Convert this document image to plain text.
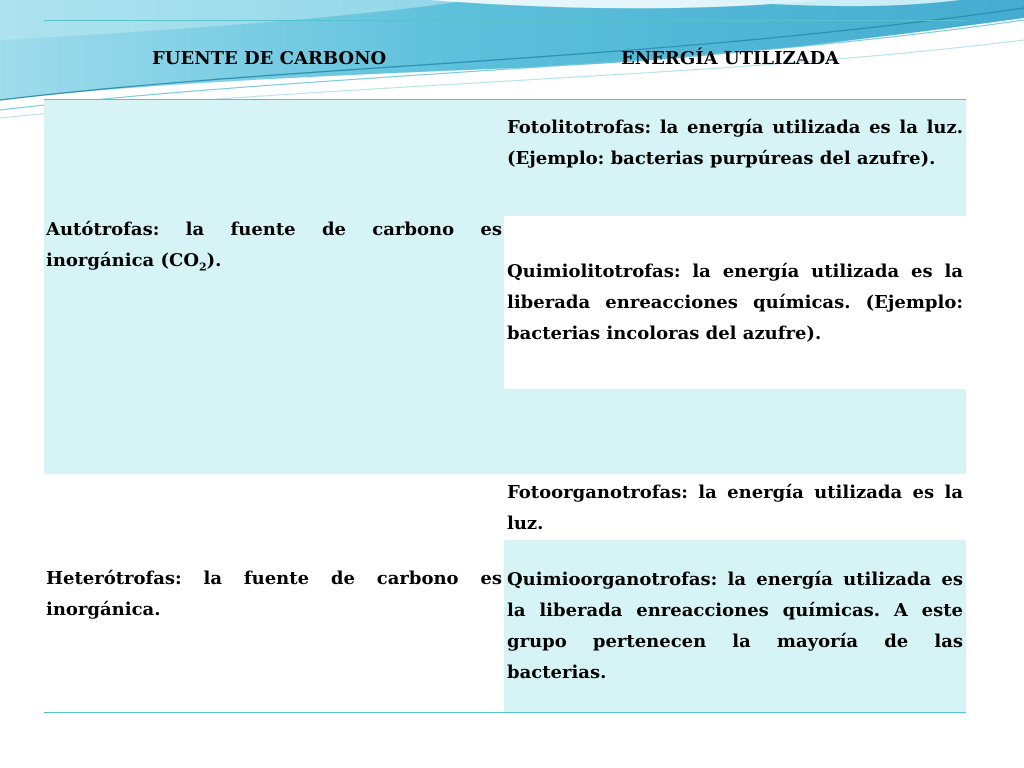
FUENTE DE CARBONO	ENERGÍA UTILIZADA
Autótrofas: la fuente de carbono es inorgánica $(CO_2)$.
Fotolitotrofas: la energía utilizada es la luz. (Ejemplo: bacterias purpúreas del azufre).
Quimiolitotrofas: la energía utilizada es la liberada enreacciones químicas. (Ejemplo: bacterias incoloras del azufre).
Heterótrofas: la fuente de carbono es inorgánica.
Fotoorganotrofas: la energía utilizada es la luz.
Quimioorganotrofas: la energía utilizada es la liberada enreacciones químicas. A este grupo pertenecen la mayoría de las bacterias.
